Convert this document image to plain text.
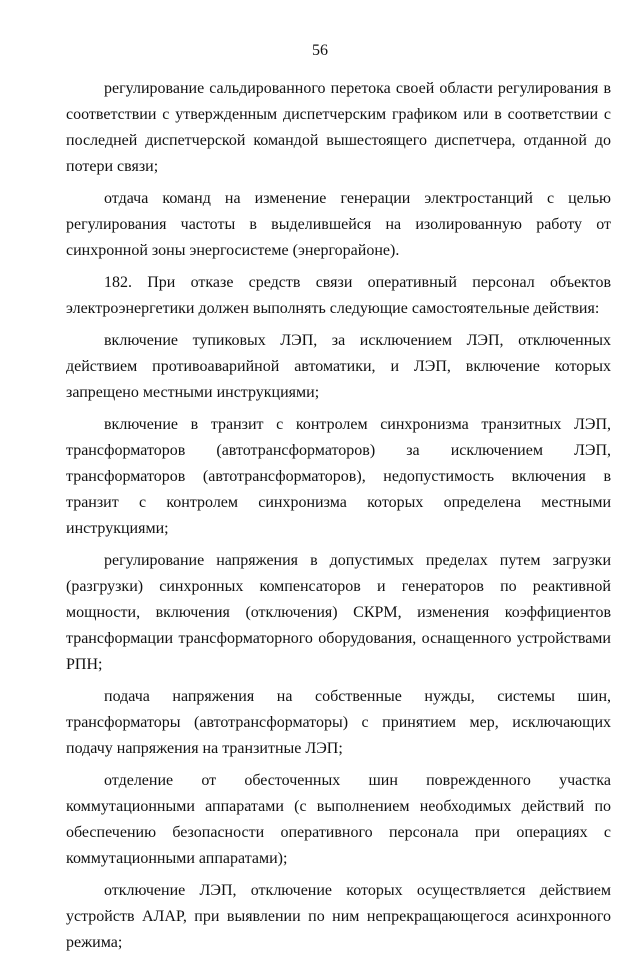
56

регулирование сальдированного перетока своей области регулирования в соответствии с утвержденным диспетчерским графиком или в соответствии с последней диспетчерской командой вышестоящего диспетчера, отданной до потери связи;

отдача команд на изменение генерации электростанций с целью регулирования частоты в выделившейся на изолированную работу от синхронной зоны энергосистеме (энергорайоне).

182. При отказе средств связи оперативный персонал объектов электроэнергетики должен выполнять следующие самостоятельные действия:

включение тупиковых ЛЭП, за исключением ЛЭП, отключенных действием противоаварийной автоматики, и ЛЭП, включение которых запрещено местными инструкциями;

включение в транзит с контролем синхронизма транзитных ЛЭП, трансформаторов (автотрансформаторов) за исключением ЛЭП, трансформаторов (автотрансформаторов), недопустимость включения в транзит с контролем синхронизма которых определена местными инструкциями;

регулирование напряжения в допустимых пределах путем загрузки (разгрузки) синхронных компенсаторов и генераторов по реактивной мощности, включения (отключения) СКРМ, изменения коэффициентов трансформации трансформаторного оборудования, оснащенного устройствами РПН;

подача напряжения на собственные нужды, системы шин, трансформаторы (автотрансформаторы) с принятием мер, исключающих подачу напряжения на транзитные ЛЭП;

отделение от обесточенных шин поврежденного участка коммутационными аппаратами (с выполнением необходимых действий по обеспечению безопасности оперативного персонала при операциях с коммутационными аппаратами);

отключение ЛЭП, отключение которых осуществляется действием устройств АЛАР, при выявлении по ним непрекращающегося асинхронного режима;
